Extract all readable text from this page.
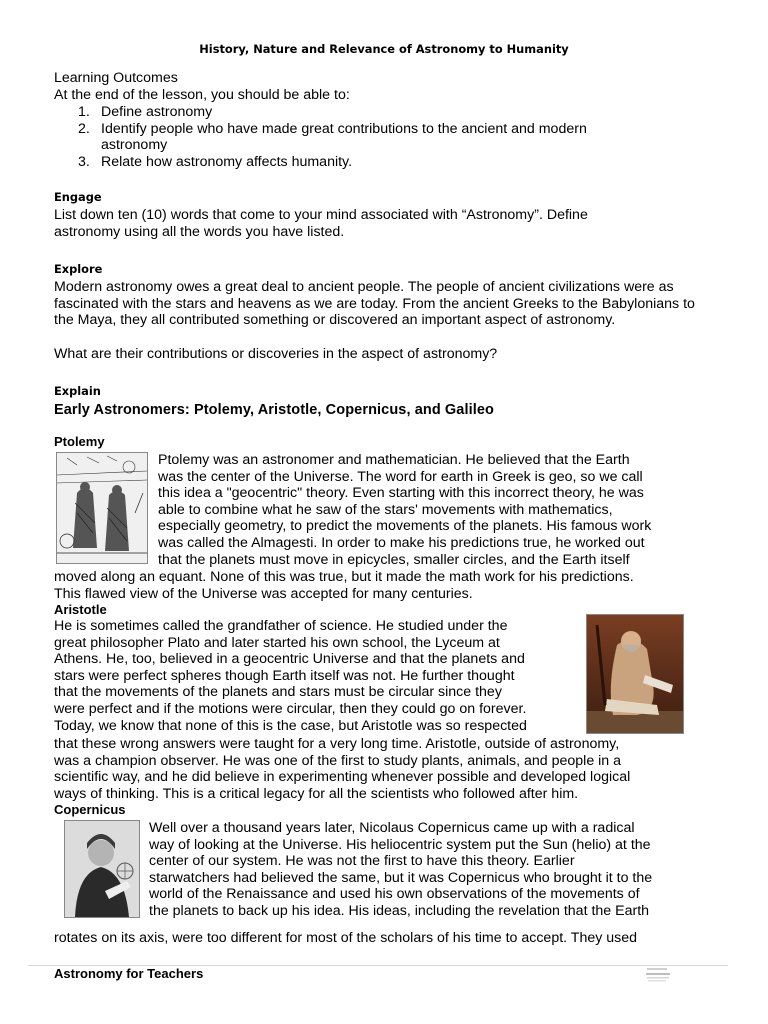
History, Nature and Relevance of Astronomy to Humanity
Learning Outcomes
At the end of the lesson, you should be able to:
1. Define astronomy
2. Identify people who have made great contributions to the ancient and modern astronomy
3. Relate how astronomy affects humanity.
Engage
List down ten (10) words that come to your mind associated with “Astronomy”. Define astronomy using all the words you have listed.
Explore
Modern astronomy owes a great deal to ancient people. The people of ancient civilizations were as fascinated with the stars and heavens as we are today. From the ancient Greeks to the Babylonians to the Maya, they all contributed something or discovered an important aspect of astronomy.
What are their contributions or discoveries in the aspect of astronomy?
Explain
Early Astronomers: Ptolemy, Aristotle, Copernicus, and Galileo
Ptolemy
Ptolemy was an astronomer and mathematician. He believed that the Earth
was the center of the Universe. The word for earth in Greek is geo, so we call
this idea a "geocentric" theory. Even starting with this incorrect theory, he was
able to combine what he saw of the stars' movements with mathematics,
especially geometry, to predict the movements of the planets. His famous work
was called the Almagesti. In order to make his predictions true, he worked out
that the planets must move in epicycles, smaller circles, and the Earth itself
moved along an equant. None of this was true, but it made the math work for his predictions.
This flawed view of the Universe was accepted for many centuries.
Aristotle
He is sometimes called the grandfather of science. He studied under the
great philosopher Plato and later started his own school, the Lyceum at
Athens. He, too, believed in a geocentric Universe and that the planets and
stars were perfect spheres though Earth itself was not. He further thought
that the movements of the planets and stars must be circular since they
were perfect and if the motions were circular, then they could go on forever.
Today, we know that none of this is the case, but Aristotle was so respected
that these wrong answers were taught for a very long time. Aristotle, outside of astronomy,
was a champion observer. He was one of the first to study plants, animals, and people in a
scientific way, and he did believe in experimenting whenever possible and developed logical
ways of thinking. This is a critical legacy for all the scientists who followed after him.
Copernicus
Well over a thousand years later, Nicolaus Copernicus came up with a radical
way of looking at the Universe. His heliocentric system put the Sun (helio) at the
center of our system. He was not the first to have this theory. Earlier
starwatchers had believed the same, but it was Copernicus who brought it to the
world of the Renaissance and used his own observations of the movements of
the planets to back up his idea. His ideas, including the revelation that the Earth
rotates on its axis, were too different for most of the scholars of his time to accept. They used
Astronomy for Teachers
